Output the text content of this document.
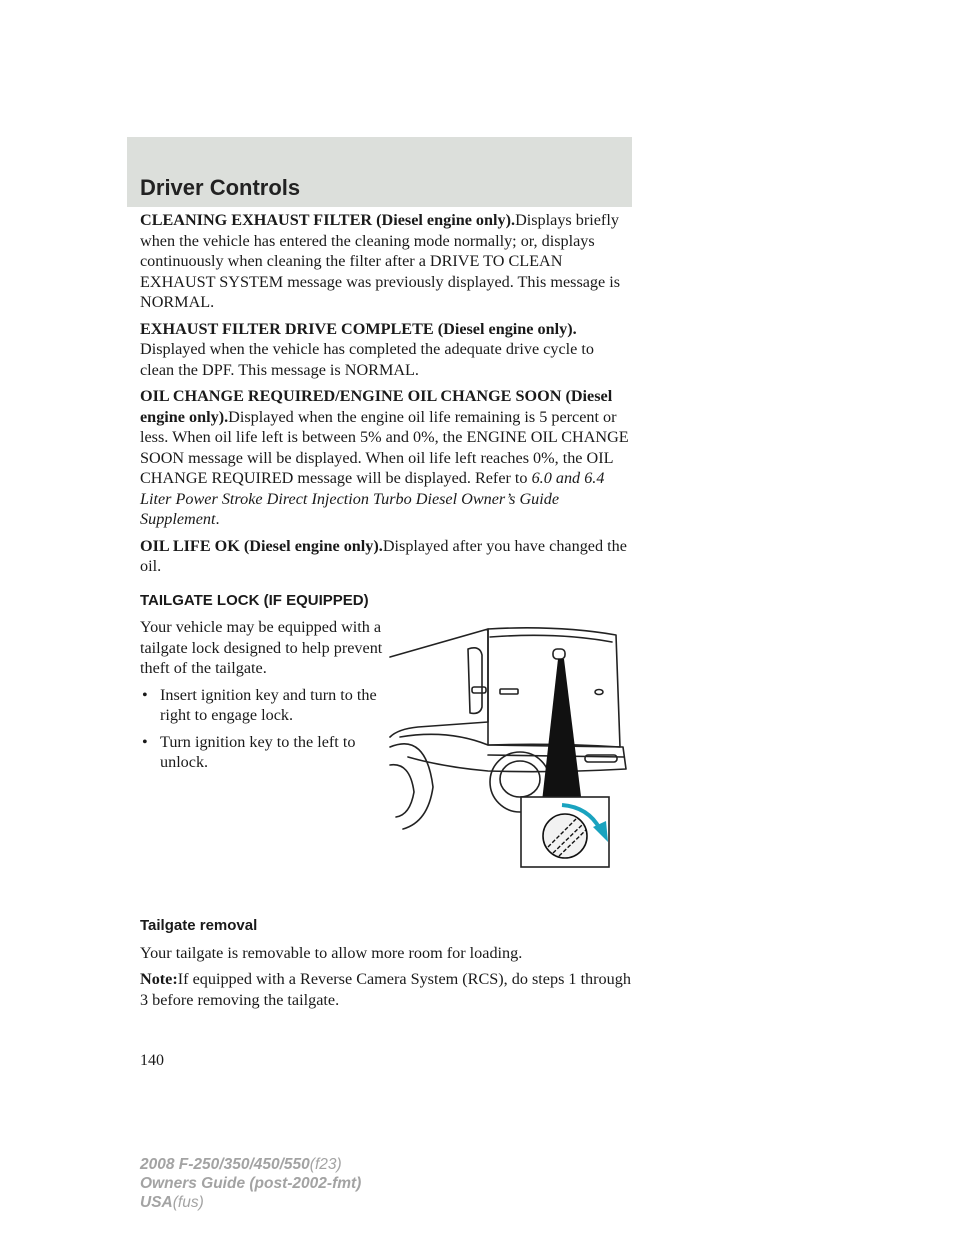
Driver Controls

CLEANING EXHAUST FILTER (Diesel engine only).Displays briefly when the vehicle has entered the cleaning mode normally; or, displays continuously when cleaning the filter after a DRIVE TO CLEAN EXHAUST SYSTEM message was previously displayed. This message is NORMAL.

EXHAUST FILTER DRIVE COMPLETE (Diesel engine only). Displayed when the vehicle has completed the adequate drive cycle to clean the DPF. This message is NORMAL.

OIL CHANGE REQUIRED/ENGINE OIL CHANGE SOON (Diesel engine only).Displayed when the engine oil life remaining is 5 percent or less. When oil life left is between 5% and 0%, the ENGINE OIL CHANGE SOON message will be displayed. When oil life left reaches 0%, the OIL CHANGE REQUIRED message will be displayed. Refer to 6.0 and 6.4 Liter Power Stroke Direct Injection Turbo Diesel Owner’s Guide Supplement.

OIL LIFE OK (Diesel engine only).Displayed after you have changed the oil.

TAILGATE LOCK (IF EQUIPPED)

Your vehicle may be equipped with a tailgate lock designed to help prevent theft of the tailgate.

• Insert ignition key and turn to the right to engage lock.

• Turn ignition key to the left to unlock.

Tailgate removal

Your tailgate is removable to allow more room for loading.

Note:If equipped with a Reverse Camera System (RCS), do steps 1 through 3 before removing the tailgate.

140

2008 F-250/350/450/550(f23)
Owners Guide (post-2002-fmt)
USA(fus)
